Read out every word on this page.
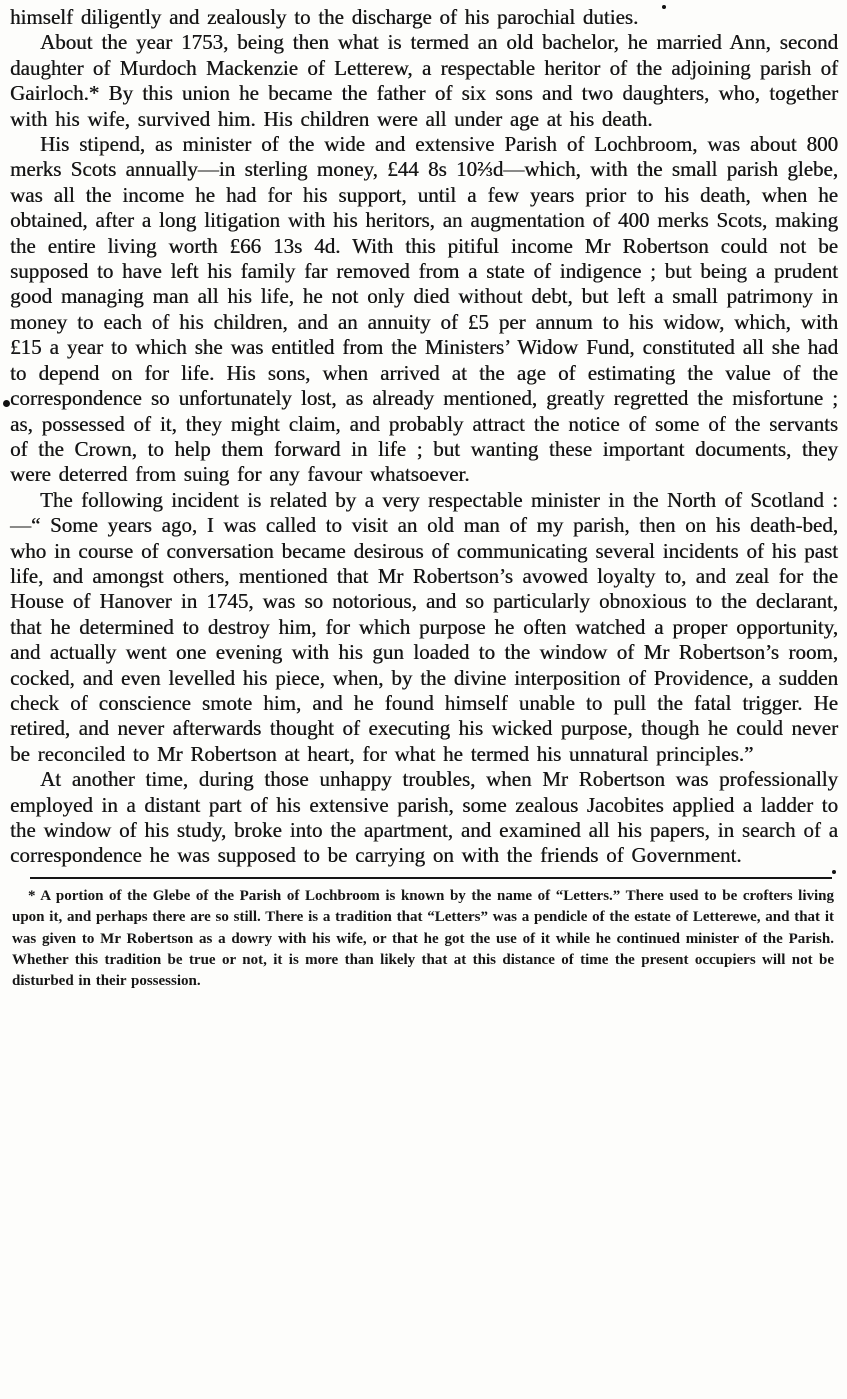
himself diligently and zealously to the discharge of his parochial duties.

About the year 1753, being then what is termed an old bachelor, he married Ann, second daughter of Murdoch Mackenzie of Letterew, a respectable heritor of the adjoining parish of Gairloch.* By this union he became the father of six sons and two daughters, who, together with his wife, survived him. His children were all under age at his death.

His stipend, as minister of the wide and extensive Parish of Lochbroom, was about 800 merks Scots annually—in sterling money, £44 8s 10⅔d—which, with the small parish glebe, was all the income he had for his support, until a few years prior to his death, when he obtained, after a long litigation with his heritors, an augmentation of 400 merks Scots, making the entire living worth £66 13s 4d. With this pitiful income Mr Robertson could not be supposed to have left his family far removed from a state of indigence ; but being a prudent good managing man all his life, he not only died without debt, but left a small patrimony in money to each of his children, and an annuity of £5 per annum to his widow, which, with £15 a year to which she was entitled from the Ministers’ Widow Fund, constituted all she had to depend on for life. His sons, when arrived at the age of estimating the value of the correspondence so unfortunately lost, as already mentioned, greatly regretted the misfortune ; as, possessed of it, they might claim, and probably attract the notice of some of the servants of the Crown, to help them forward in life ; but wanting these important documents, they were deterred from suing for any favour whatsoever.

The following incident is related by a very respectable minister in the North of Scotland :—“ Some years ago, I was called to visit an old man of my parish, then on his death-bed, who in course of conversation became desirous of communicating several incidents of his past life, and amongst others, mentioned that Mr Robertson’s avowed loyalty to, and zeal for the House of Hanover in 1745, was so notorious, and so particularly obnoxious to the declarant, that he determined to destroy him, for which purpose he often watched a proper opportunity, and actually went one evening with his gun loaded to the window of Mr Robertson’s room, cocked, and even levelled his piece, when, by the divine interposition of Providence, a sudden check of conscience smote him, and he found himself unable to pull the fatal trigger. He retired, and never afterwards thought of executing his wicked purpose, though he could never be reconciled to Mr Robertson at heart, for what he termed his unnatural principles.”

At another time, during those unhappy troubles, when Mr Robertson was professionally employed in a distant part of his extensive parish, some zealous Jacobites applied a ladder to the window of his study, broke into the apartment, and examined all his papers, in search of a correspondence he was supposed to be carrying on with the friends of Government.

* A portion of the Glebe of the Parish of Lochbroom is known by the name of “Letters.” There used to be crofters living upon it, and perhaps there are so still. There is a tradition that “Letters” was a pendicle of the estate of Letterewe, and that it was given to Mr Robertson as a dowry with his wife, or that he got the use of it while he continued minister of the Parish. Whether this tradition be true or not, it is more than likely that at this distance of time the present occupiers will not be disturbed in their possession.
